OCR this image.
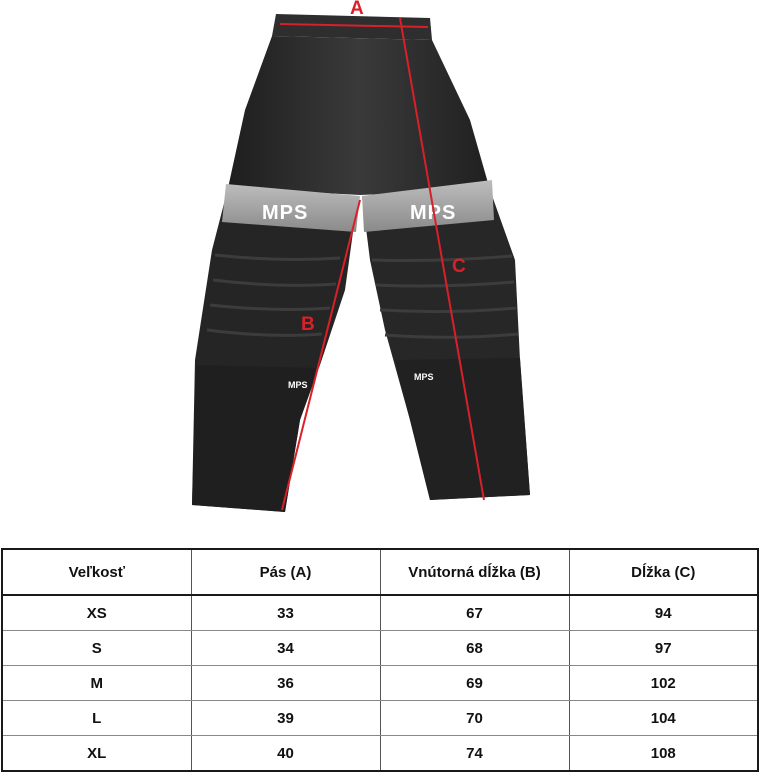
MPS	MPS
MPS
MPS
A
B
C
Veľkosť	Pás (A)	Vnútorná dĺžka (B)	Dĺžka (C)
XS	33	67	94
S	34	68	97
M	36	69	102
L	39	70	104
XL	40	74	108
